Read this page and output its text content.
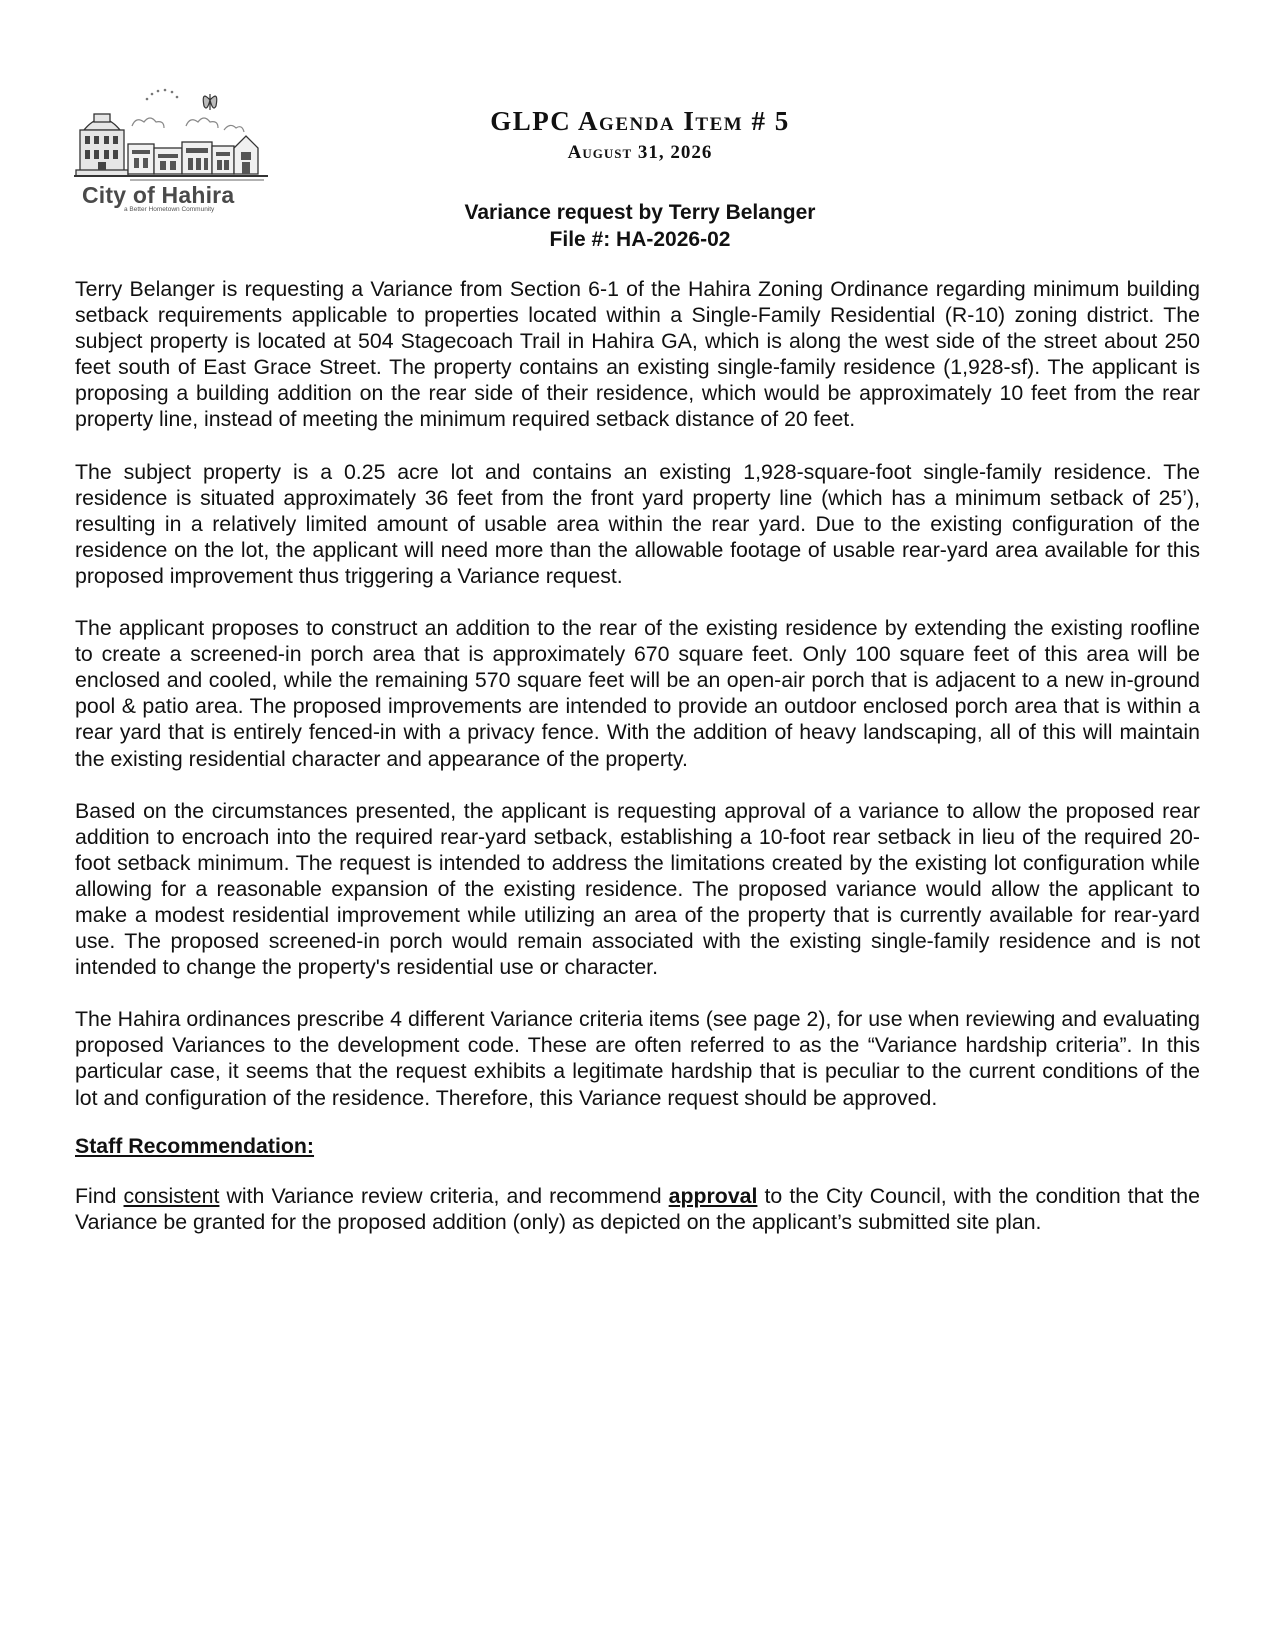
City of Hahira
a Better Hometown Community
GLPC Agenda Item # 5
August 31, 2026
Variance request by Terry Belanger
File #: HA-2026-02

Terry Belanger is requesting a Variance from Section 6-1 of the Hahira Zoning Ordinance regarding minimum building setback requirements applicable to properties located within a Single-Family Residential (R-10) zoning district. The subject property is located at 504 Stagecoach Trail in Hahira GA, which is along the west side of the street about 250 feet south of East Grace Street. The property contains an existing single-family residence (1,928-sf). The applicant is proposing a building addition on the rear side of their residence, which would be approximately 10 feet from the rear property line, instead of meeting the minimum required setback distance of 20 feet.

The subject property is a 0.25 acre lot and contains an existing 1,928-square-foot single-family residence. The residence is situated approximately 36 feet from the front yard property line (which has a minimum setback of 25’), resulting in a relatively limited amount of usable area within the rear yard. Due to the existing configuration of the residence on the lot, the applicant will need more than the allowable footage of usable rear-yard area available for this proposed improvement thus triggering a Variance request.

The applicant proposes to construct an addition to the rear of the existing residence by extending the existing roofline to create a screened-in porch area that is approximately 670 square feet. Only 100 square feet of this area will be enclosed and cooled, while the remaining 570 square feet will be an open-air porch that is adjacent to a new in-ground pool & patio area. The proposed improvements are intended to provide an outdoor enclosed porch area that is within a rear yard that is entirely fenced-in with a privacy fence. With the addition of heavy landscaping, all of this will maintain the existing residential character and appearance of the property.

Based on the circumstances presented, the applicant is requesting approval of a variance to allow the proposed rear addition to encroach into the required rear-yard setback, establishing a 10-foot rear setback in lieu of the required 20-foot setback minimum. The request is intended to address the limitations created by the existing lot configuration while allowing for a reasonable expansion of the existing residence. The proposed variance would allow the applicant to make a modest residential improvement while utilizing an area of the property that is currently available for rear-yard use. The proposed screened-in porch would remain associated with the existing single-family residence and is not intended to change the property's residential use or character.

The Hahira ordinances prescribe 4 different Variance criteria items (see page 2), for use when reviewing and evaluating proposed Variances to the development code. These are often referred to as the “Variance hardship criteria”. In this particular case, it seems that the request exhibits a legitimate hardship that is peculiar to the current conditions of the lot and configuration of the residence. Therefore, this Variance request should be approved.

Staff Recommendation:

Find consistent with Variance review criteria, and recommend approval to the City Council, with the condition that the Variance be granted for the proposed addition (only) as depicted on the applicant’s submitted site plan.
